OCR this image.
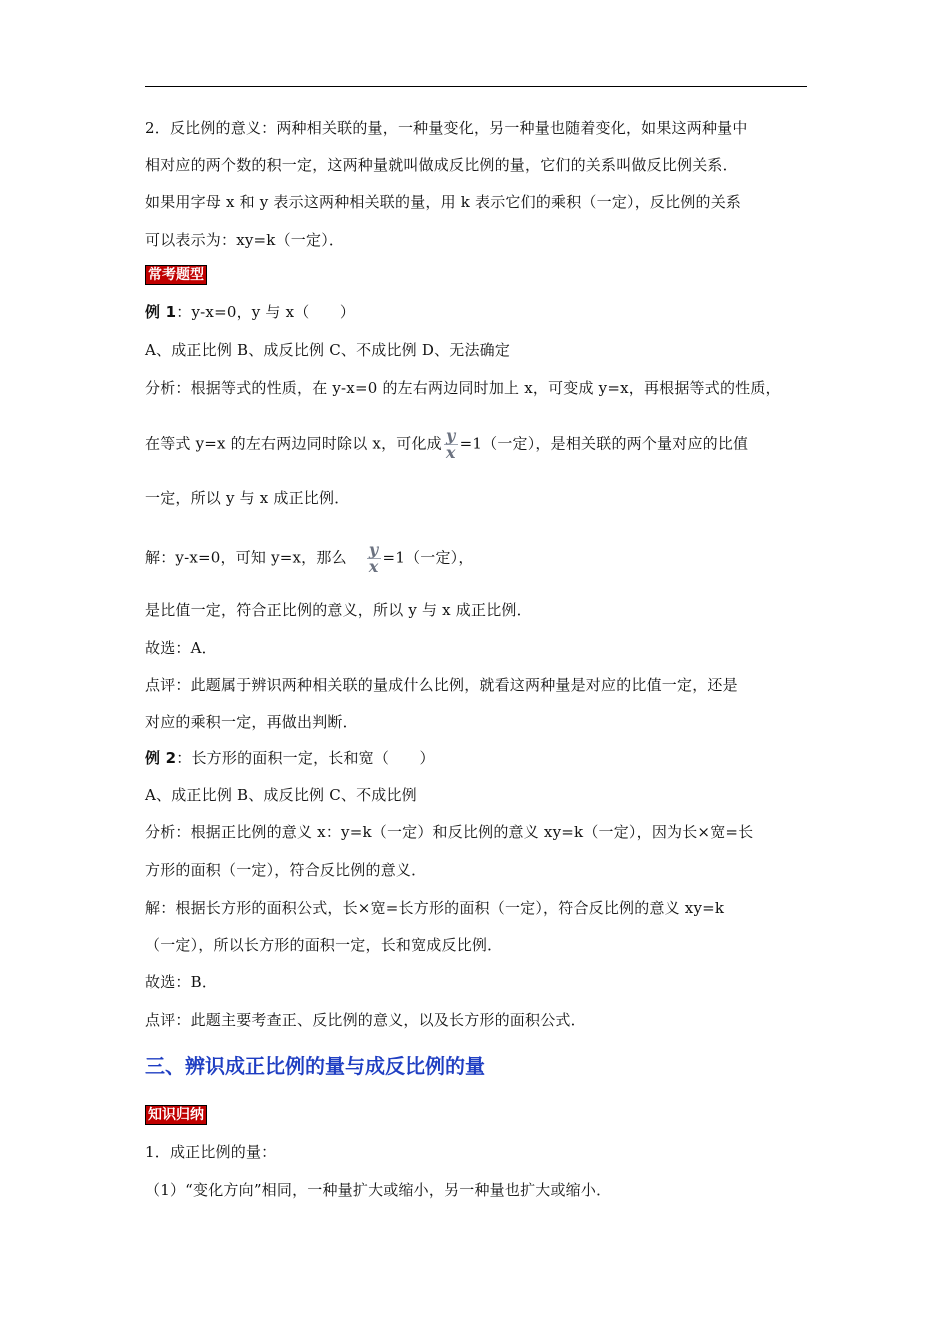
2．反比例的意义：两种相关联的量，一种量变化，另一种量也随着变化，如果这两种量中
相对应的两个数的积一定，这两种量就叫做成反比例的量，它们的关系叫做反比例关系．
如果用字母 x 和 y 表示这两种相关联的量，用 k 表示它们的乘积（一定），反比例的关系
可以表示为：xy=k（一定）．
常考题型
例 1：y-x=0，y 与 x（　　）
A、成正比例 B、成反比例 C、不成比例 D、无法确定
分析：根据等式的性质，在 y-x=0 的左右两边同时加上 x，可变成 y=x，再根据等式的性质，
在等式 y=x 的左右两边同时除以 x，可化成 $\frac{y}{x} =1$（一定），是相关联的两个量对应的比值
一定，所以 y 与 x 成正比例．
解：y-x=0，可知 y=x，那么 $\frac{y}{x} =1$（一定），
是比值一定，符合正比例的意义，所以 y 与 x 成正比例．
故选：A．
点评：此题属于辨识两种相关联的量成什么比例，就看这两种量是对应的比值一定，还是
对应的乘积一定，再做出判断．
例 2：长方形的面积一定，长和宽（　　）
A、成正比例 B、成反比例 C、不成比例
分析：根据正比例的意义 x：y=k（一定）和反比例的意义 xy=k（一定），因为长×宽=长
方形的面积（一定），符合反比例的意义．
解：根据长方形的面积公式，长×宽=长方形的面积（一定），符合反比例的意义 xy=k
（一定），所以长方形的面积一定，长和宽成反比例．
故选：B．
点评：此题主要考查正、反比例的意义，以及长方形的面积公式．
三、辨识成正比例的量与成反比例的量
知识归纳
1．成正比例的量：
（1）“变化方向”相同，一种量扩大或缩小，另一种量也扩大或缩小．
